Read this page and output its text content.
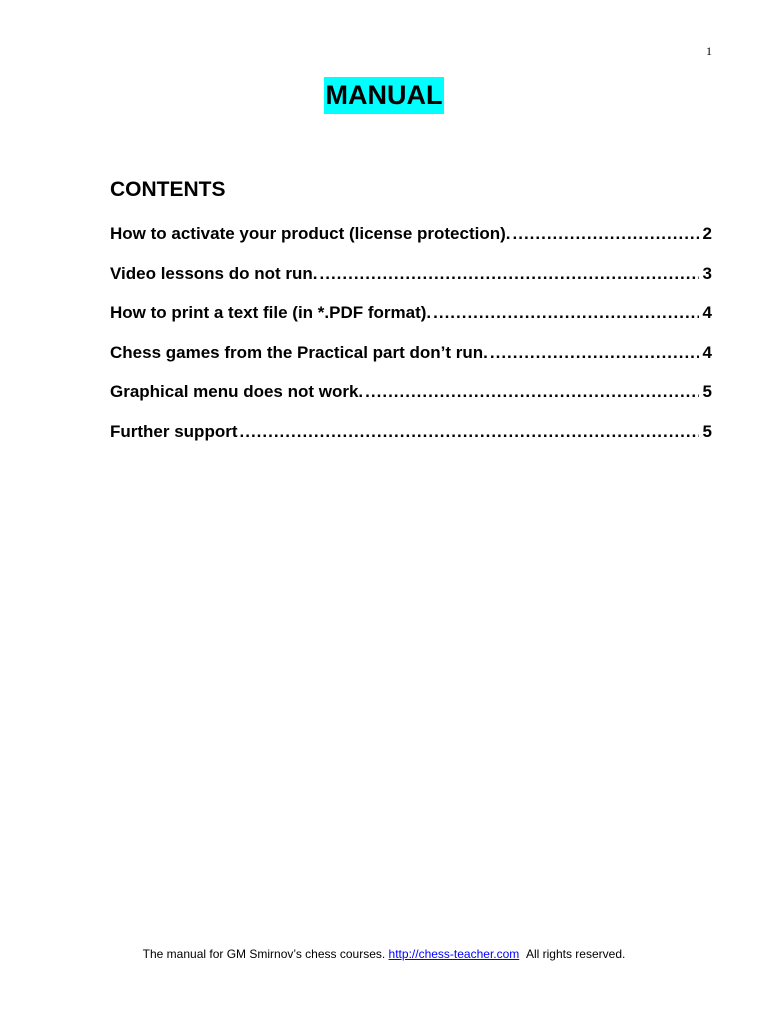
1
MANUAL
CONTENTS
How to activate your product (license protection). .....	2
Video lessons do not run. .....	3
How to print a text file (in *.PDF format). .....	4
Chess games from the Practical part don’t run. .....	4
Graphical menu does not work. .....	5
Further support .....	5
The manual for GM Smirnov’s chess courses. http://chess-teacher.com All rights reserved.
